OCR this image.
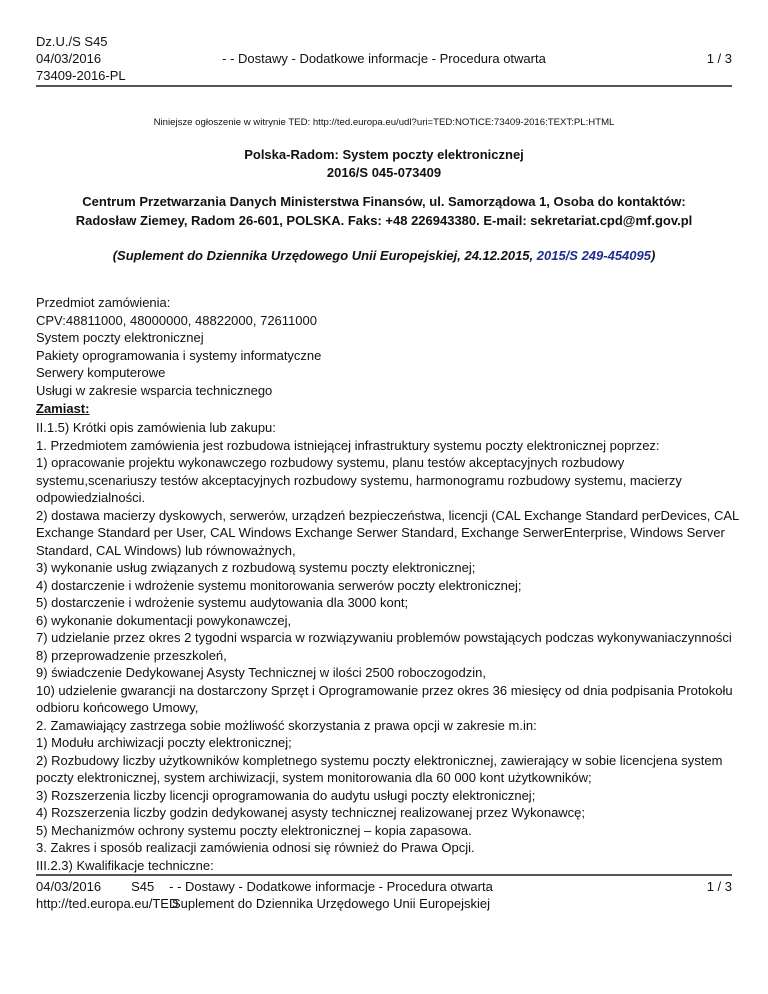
Dz.U./S S45
04/03/2016
73409-2016-PL
- - Dostawy - Dodatkowe informacje - Procedura otwarta	1 / 3
Niniejsze ogłoszenie w witrynie TED: http://ted.europa.eu/udl?uri=TED:NOTICE:73409-2016:TEXT:PL:HTML
Polska-Radom: System poczty elektronicznej
2016/S 045-073409
Centrum Przetwarzania Danych Ministerstwa Finansów, ul. Samorządowa 1, Osoba do kontaktów:
Radosław Ziemey, Radom 26-601, POLSKA. Faks: +48 226943380. E-mail: sekretariat.cpd@mf.gov.pl
(Suplement do Dziennika Urzędowego Unii Europejskiej, 24.12.2015, 2015/S 249-454095)
Przedmiot zamówienia:
CPV:48811000, 48000000, 48822000, 72611000
System poczty elektronicznej
Pakiety oprogramowania i systemy informatyczne
Serwery komputerowe
Usługi w zakresie wsparcia technicznego
Zamiast:

II.1.5) Krótki opis zamówienia lub zakupu:

1. Przedmiotem zamówienia jest rozbudowa istniejącej infrastruktury systemu poczty elektronicznej poprzez:

1) opracowanie projektu wykonawczego rozbudowy systemu, planu testów akceptacyjnych rozbudowy systemu,scenariuszy testów akceptacyjnych rozbudowy systemu, harmonogramu rozbudowy systemu, macierzy odpowiedzialności.

2) dostawa macierzy dyskowych, serwerów, urządzeń bezpieczeństwa, licencji (CAL Exchange Standard perDevices, CAL Exchange Standard per User, CAL Windows Exchange Serwer Standard, Exchange SerwerEnterprise, Windows Server Standard, CAL Windows) lub równoważnych,

3) wykonanie usług związanych z rozbudową systemu poczty elektronicznej;

4) dostarczenie i wdrożenie systemu monitorowania serwerów poczty elektronicznej;

5) dostarczenie i wdrożenie systemu audytowania dla 3000 kont;

6) wykonanie dokumentacji powykonawczej,

7) udzielanie przez okres 2 tygodni wsparcia w rozwiązywaniu problemów powstających podczas wykonywaniaczynności

8) przeprowadzenie przeszkoleń,

9) świadczenie Dedykowanej Asysty Technicznej w ilości 2500 roboczogodzin,

10) udzielenie gwarancji na dostarczony Sprzęt i Oprogramowanie przez okres 36 miesięcy od dnia podpisania Protokołu odbioru końcowego Umowy,

2. Zamawiający zastrzega sobie możliwość skorzystania z prawa opcji w zakresie m.in:

1) Modułu archiwizacji poczty elektronicznej;

2) Rozbudowy liczby użytkowników kompletnego systemu poczty elektronicznej, zawierający w sobie licencjena system poczty elektronicznej, system archiwizacji, system monitorowania dla 60 000 kont użytkowników;

3) Rozszerzenia liczby licencji oprogramowania do audytu usługi poczty elektronicznej;

4) Rozszerzenia liczby godzin dedykowanej asysty technicznej realizowanej przez Wykonawcę;

5) Mechanizmów ochrony systemu poczty elektronicznej – kopia zapasowa.

3. Zakres i sposób realizacji zamówienia odnosi się również do Prawa Opcji.

III.2.3) Kwalifikacje techniczne:

04/03/2016 S45
http://ted.europa.eu/TED
- - Dostawy - Dodatkowe informacje - Procedura otwarta
Suplement do Dziennika Urzędowego Unii Europejskiej
1 / 3
